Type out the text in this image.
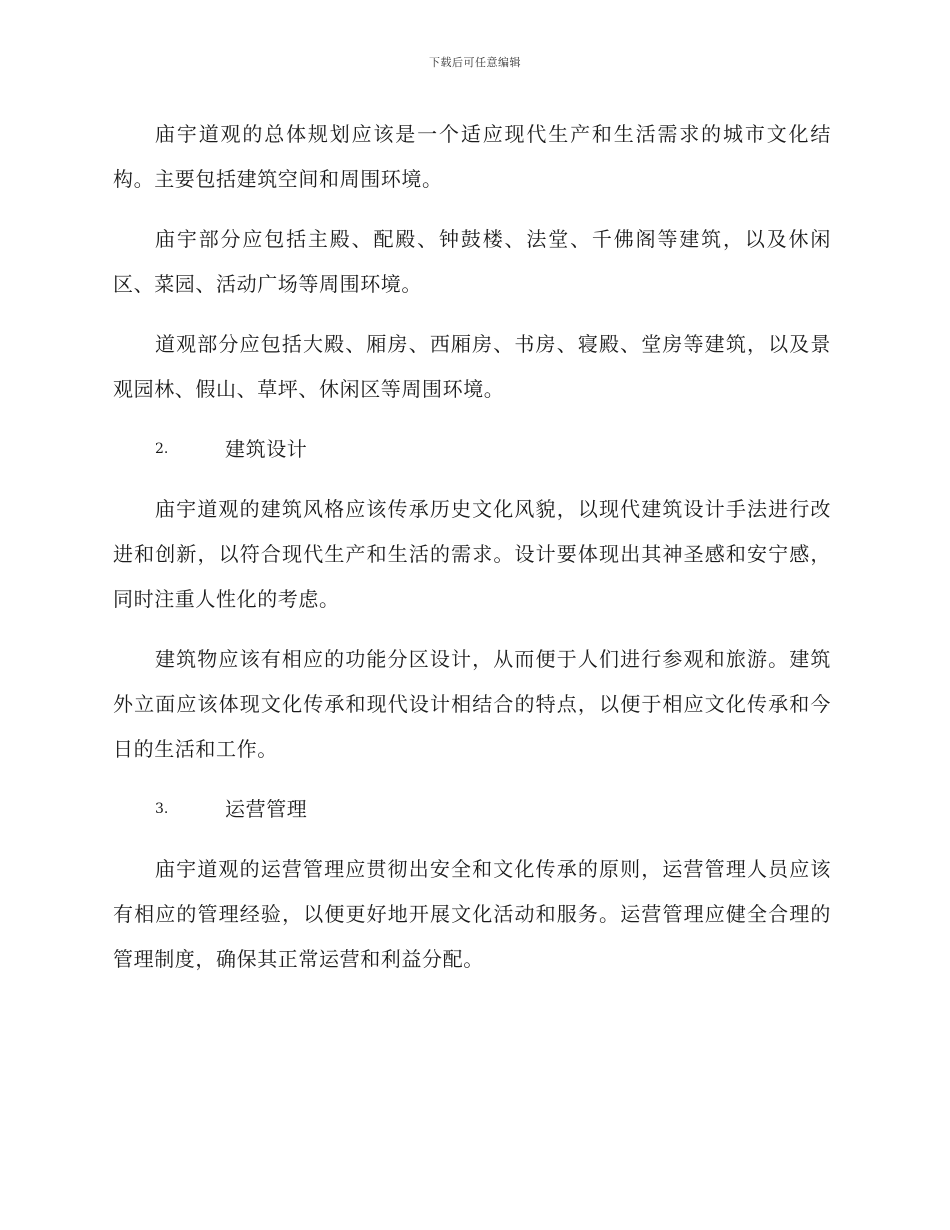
下载后可任意编辑

庙宇道观的总体规划应该是一个适应现代生产和生活需求的城市文化结构。主要包括建筑空间和周围环境。

庙宇部分应包括主殿、配殿、钟鼓楼、法堂、千佛阁等建筑，以及休闲区、菜园、活动广场等周围环境。

道观部分应包括大殿、厢房、西厢房、书房、寝殿、堂房等建筑，以及景观园林、假山、草坪、休闲区等周围环境。

2.	建筑设计

庙宇道观的建筑风格应该传承历史文化风貌，以现代建筑设计手法进行改进和创新，以符合现代生产和生活的需求。设计要体现出其神圣感和安宁感，同时注重人性化的考虑。

建筑物应该有相应的功能分区设计，从而便于人们进行参观和旅游。建筑外立面应该体现文化传承和现代设计相结合的特点，以便于相应文化传承和今日的生活和工作。

3.	运营管理

庙宇道观的运营管理应贯彻出安全和文化传承的原则，运营管理人员应该有相应的管理经验，以便更好地开展文化活动和服务。运营管理应健全合理的管理制度，确保其正常运营和利益分配。
